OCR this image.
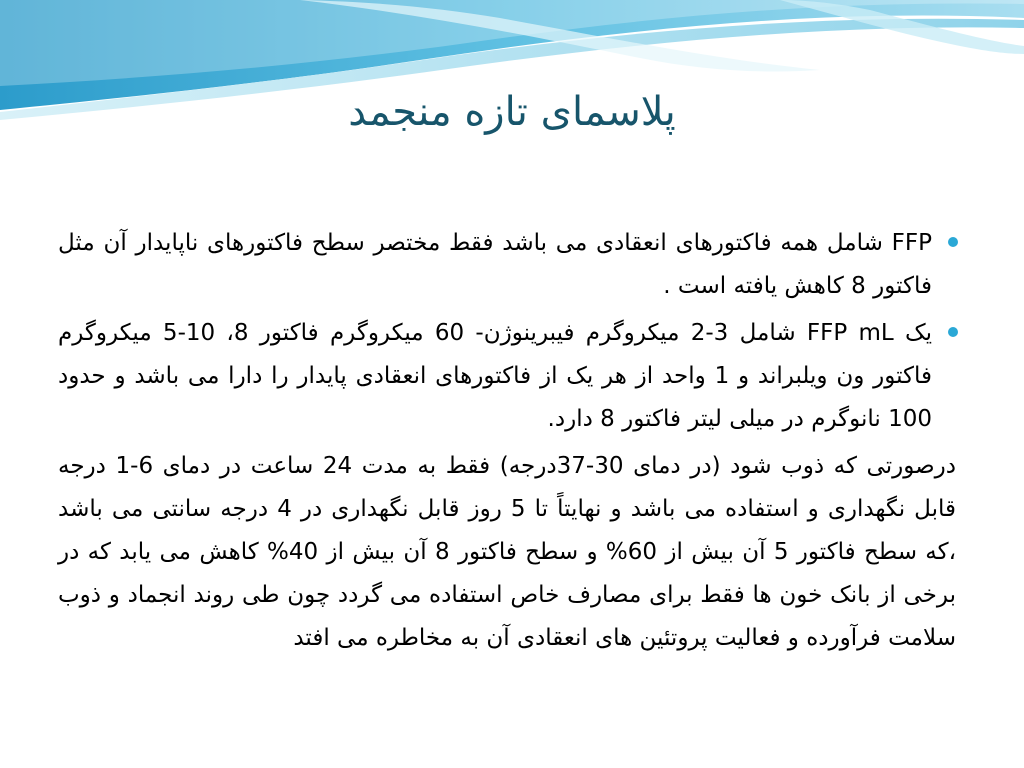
پلاسمای تازه منجمد
FFP شامل همه فاکتورهای انعقادی می باشد فقط مختصر سطح فاکتورهای ناپایدار آن مثل فاکتور 8 کاهش یافته است .
یک FFP mL شامل 3-2 میکروگرم فیبرینوژن- 60 میکروگرم فاکتور 8، 10-5 میکروگرم فاکتور ون ویلبراند و 1 واحد از هر یک از فاکتورهای انعقادی پایدار را دارا می باشد و حدود 100 نانوگرم در میلی لیتر فاکتور 8 دارد.
درصورتی که ذوب شود (در دمای 30-37درجه) فقط به مدت 24 ساعت در دمای 6-1 درجه قابل نگهداری و استفاده می باشد و نهایتاً تا 5 روز قابل نگهداری در 4 درجه سانتی می باشد ،که سطح فاکتور 5 آن بیش از 60% و سطح فاکتور 8 آن بیش از 40% کاهش می یابد که در برخی از بانک خون ها فقط برای مصارف خاص استفاده می گردد چون طی روند انجماد و ذوب سلامت فرآورده و فعالیت پروتئین های انعقادی آن به مخاطره می افتد
